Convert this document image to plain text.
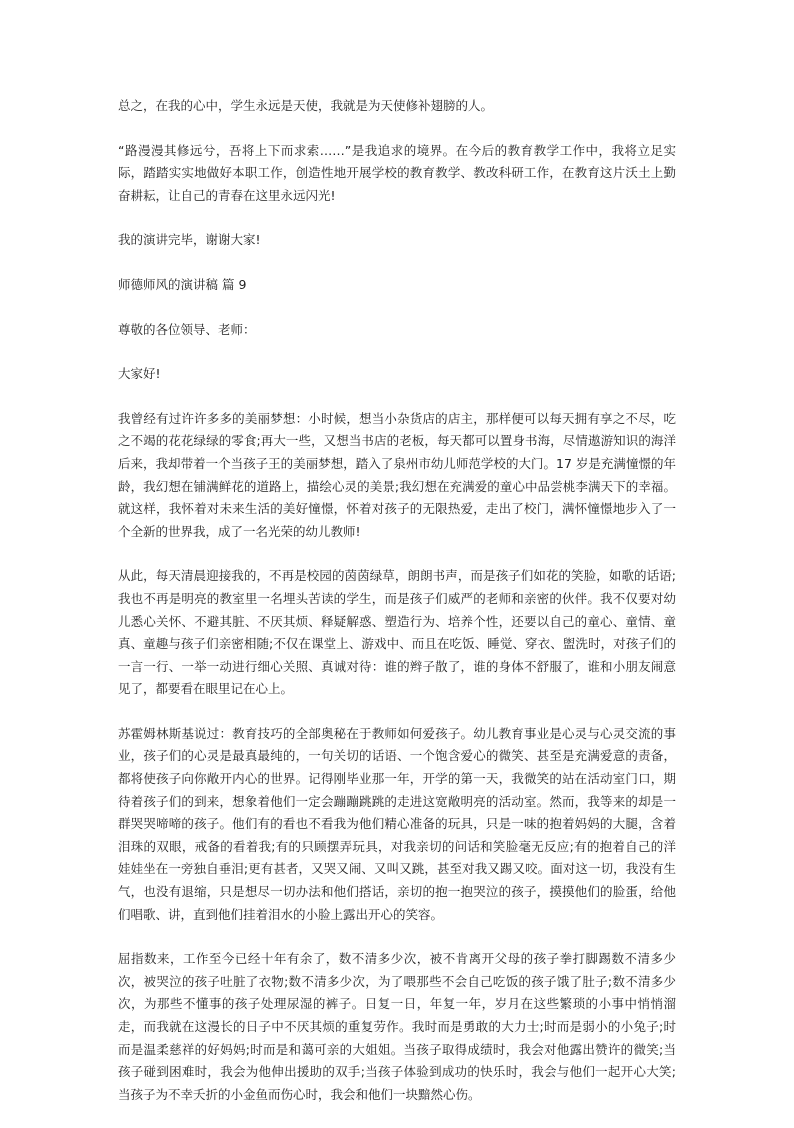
总之，在我的心中，学生永远是天使，我就是为天使修补翅膀的人。

“路漫漫其修远兮，吾将上下而求索……”是我追求的境界。在今后的教育教学工作中，我将立足实际，踏踏实实地做好本职工作，创造性地开展学校的教育教学、教改科研工作，在教育这片沃土上勤奋耕耘，让自己的青春在这里永远闪光!

我的演讲完毕，谢谢大家!

师德师风的演讲稿 篇 9

尊敬的各位领导、老师：

大家好!

我曾经有过许许多多的美丽梦想：小时候，想当小杂货店的店主，那样便可以每天拥有享之不尽，吃之不竭的花花绿绿的零食;再大一些，又想当书店的老板，每天都可以置身书海，尽情遨游知识的海洋后来，我却带着一个当孩子王的美丽梦想，踏入了泉州市幼儿师范学校的大门。17 岁是充满憧憬的年龄，我幻想在铺满鲜花的道路上，描绘心灵的美景;我幻想在充满爱的童心中品尝桃李满天下的幸福。就这样，我怀着对未来生活的美好憧憬，怀着对孩子的无限热爱，走出了校门，满怀憧憬地步入了一个全新的世界我，成了一名光荣的幼儿教师!

从此，每天清晨迎接我的，不再是校园的茵茵绿草，朗朗书声，而是孩子们如花的笑脸，如歌的话语;我也不再是明亮的教室里一名埋头苦读的学生，而是孩子们威严的老师和亲密的伙伴。我不仅要对幼儿悉心关怀、不避其脏、不厌其烦、释疑解惑、塑造行为、培养个性，还要以自己的童心、童情、童真、童趣与孩子们亲密相随;不仅在课堂上、游戏中、而且在吃饭、睡觉、穿衣、盥洗时，对孩子们的一言一行、一举一动进行细心关照、真诚对待：谁的辫子散了，谁的身体不舒服了，谁和小朋友闹意见了，都要看在眼里记在心上。

苏霍姆林斯基说过：教育技巧的全部奥秘在于教师如何爱孩子。幼儿教育事业是心灵与心灵交流的事业，孩子们的心灵是最真最纯的，一句关切的话语、一个饱含爱心的微笑、甚至是充满爱意的责备，都将使孩子向你敞开内心的世界。记得刚毕业那一年，开学的第一天，我微笑的站在活动室门口，期待着孩子们的到来，想象着他们一定会蹦蹦跳跳的走进这宽敞明亮的活动室。然而，我等来的却是一群哭哭啼啼的孩子。他们有的看也不看我为他们精心准备的玩具，只是一味的抱着妈妈的大腿，含着泪珠的双眼，戒备的看着我;有的只顾摆弄玩具，对我亲切的问话和笑脸毫无反应;有的抱着自己的洋娃娃坐在一旁独自垂泪;更有甚者，又哭又闹、又叫又跳，甚至对我又踢又咬。面对这一切，我没有生气，也没有退缩，只是想尽一切办法和他们搭话，亲切的抱一抱哭泣的孩子，摸摸他们的脸蛋，给他们唱歌、讲，直到他们挂着泪水的小脸上露出开心的笑容。

屈指数来，工作至今已经十年有余了，数不清多少次，被不肯离开父母的孩子拳打脚踢数不清多少次，被哭泣的孩子吐脏了衣物;数不清多少次，为了喂那些不会自己吃饭的孩子饿了肚子;数不清多少次，为那些不懂事的孩子处理尿湿的裤子。日复一日，年复一年，岁月在这些繁琐的小事中悄悄溜走，而我就在这漫长的日子中不厌其烦的重复劳作。我时而是勇敢的大力士;时而是弱小的小兔子;时而是温柔慈祥的好妈妈;时而是和蔼可亲的大姐姐。当孩子取得成绩时，我会对他露出赞许的微笑;当孩子碰到困难时，我会为他伸出援助的双手;当孩子体验到成功的快乐时，我会与他们一起开心大笑;当孩子为不幸夭折的小金鱼而伤心时，我会和他们一块黯然心伤。
